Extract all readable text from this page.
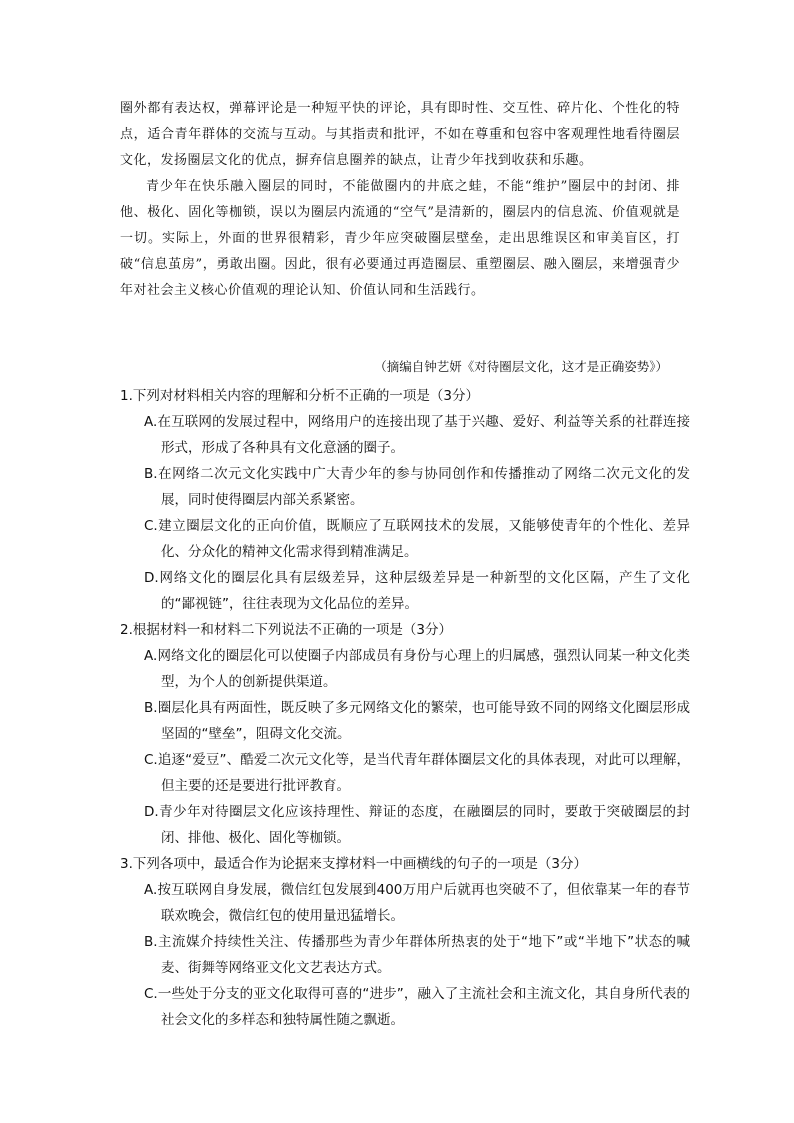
圈外都有表达权，弹幕评论是一种短平快的评论，具有即时性、交互性、碎片化、个性化的特点，适合青年群体的交流与互动。与其指责和批评，不如在尊重和包容中客观理性地看待圈层文化，发扬圈层文化的优点，摒弃信息圈养的缺点，让青少年找到收获和乐趣。

青少年在快乐融入圈层的同时，不能做圈内的井底之蛙，不能“维护”圈层中的封闭、排他、极化、固化等枷锁，误以为圈层内流通的“空气”是清新的，圈层内的信息流、价值观就是一切。实际上，外面的世界很精彩，青少年应突破圈层壁垒，走出思维误区和审美盲区，打破“信息茧房”，勇敢出圈。因此，很有必要通过再造圈层、重塑圈层、融入圈层，来增强青少年对社会主义核心价值观的理论认知、价值认同和生活践行。

（摘编自钟艺妍《对待圈层文化，这才是正确姿势》）

1.下列对材料相关内容的理解和分析不正确的一项是（3分）

A.在互联网的发展过程中，网络用户的连接出现了基于兴趣、爱好、利益等关系的社群连接形式，形成了各种具有文化意涵的圈子。

B.在网络二次元文化实践中广大青少年的参与协同创作和传播推动了网络二次元文化的发展，同时使得圈层内部关系紧密。

C.建立圈层文化的正向价值，既顺应了互联网技术的发展，又能够使青年的个性化、差异化、分众化的精神文化需求得到精准满足。

D.网络文化的圈层化具有层级差异，这种层级差异是一种新型的文化区隔，产生了文化的“鄙视链”，往往表现为文化品位的差异。

2.根据材料一和材料二下列说法不正确的一项是（3分）

A.网络文化的圈层化可以使圈子内部成员有身份与心理上的归属感，强烈认同某一种文化类型，为个人的创新提供渠道。

B.圈层化具有两面性，既反映了多元网络文化的繁荣，也可能导致不同的网络文化圈层形成坚固的“壁垒”，阻碍文化交流。

C.追逐“爱豆”、酷爱二次元文化等，是当代青年群体圈层文化的具体表现，对此可以理解，但主要的还是要进行批评教育。

D.青少年对待圈层文化应该持理性、辩证的态度，在融圈层的同时，要敢于突破圈层的封闭、排他、极化、固化等枷锁。

3.下列各项中，最适合作为论据来支撑材料一中画横线的句子的一项是（3分）

A.按互联网自身发展，微信红包发展到400万用户后就再也突破不了，但依靠某一年的春节联欢晚会，微信红包的使用量迅猛增长。

B.主流媒介持续性关注、传播那些为青少年群体所热衷的处于“地下”或“半地下”状态的喊麦、街舞等网络亚文化文艺表达方式。

C.一些处于分支的亚文化取得可喜的“进步”，融入了主流社会和主流文化，其自身所代表的社会文化的多样态和独特属性随之飘逝。
